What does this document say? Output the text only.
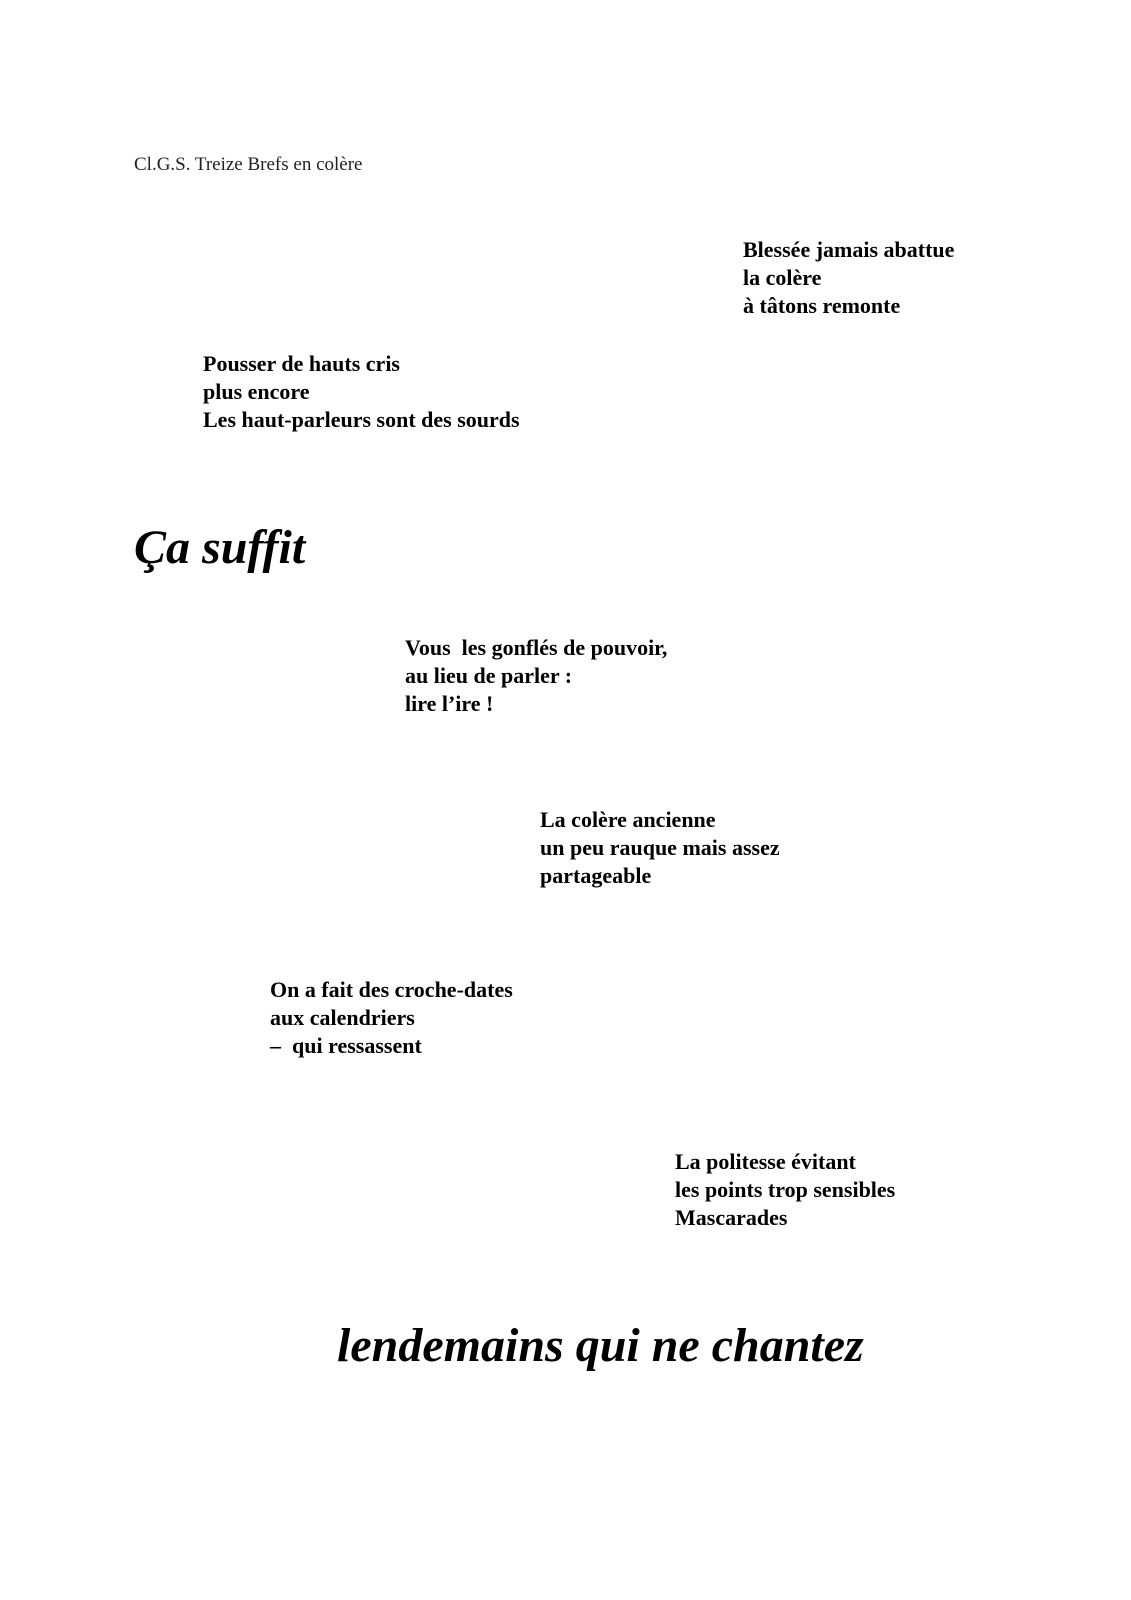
Cl.G.S. Treize Brefs en colère
Blessée jamais abattue
la colère
à tâtons remonte
Pousser de hauts cris
plus encore
Les haut-parleurs sont des sourds
Ça suffit
Vous  les gonflés de pouvoir,
au lieu de parler :
lire l’ire !
La colère ancienne
un peu rauque mais assez
partageable
On a fait des croche-dates
aux calendriers
–  qui ressassent
La politesse évitant
les points trop sensibles
Mascarades
lendemains qui ne chantez
